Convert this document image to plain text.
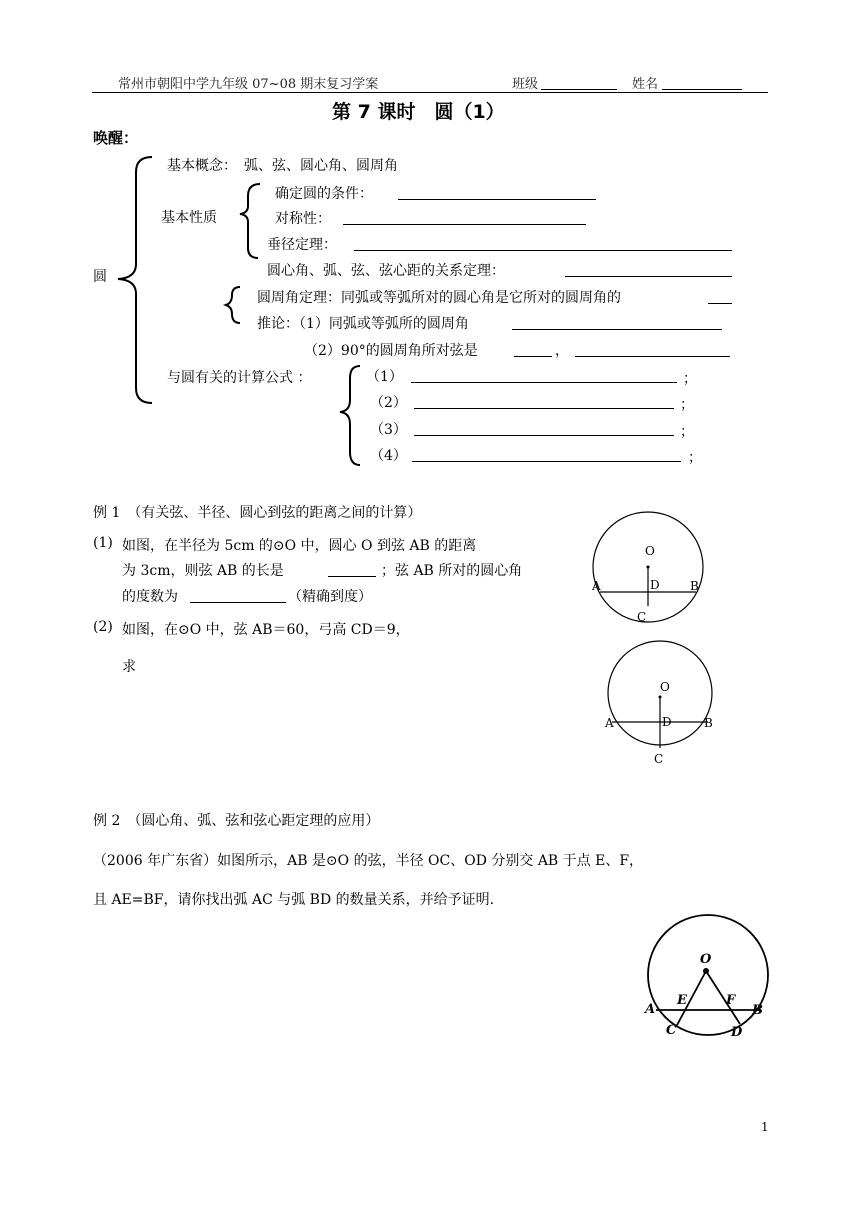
常州市朝阳中学九年级 07~08 期末复习学案	班级	姓名
第 7 课时　圆（1）
唤醒：
圆
基本概念：　弧、弦、圆心角、圆周角
基本性质
确定圆的条件：
对称性：
垂径定理：
圆心角、弧、弦、弦心距的关系定理：
圆周角定理：同弧或等弧所对的圆心角是它所对的圆周角的
推论：（1）同弧或等弧所的圆周角
（2）90°的圆周角所对弦是	，
与圆有关的计算公式 ：	（1）	；
（2）	；
（3）	；
（4）	；
例 1　（有关弦、半径、圆心到弦的距离之间的计算）
(1) 如图，在半径为 5cm 的⊙O 中，圆心 O 到弦 AB 的距离
为 3cm，则弦 AB 的长是	；弦 AB 所对的圆心角
的度数为	（精确到度）
(2) 如图，在⊙O 中，弦 AB＝60，弓高 CD＝9，
求
O
A	D	B
C
O
A	D	B
C
例 2　（圆心角、弧、弦和弦心距定理的应用）
（2006 年广东省）如图所示，AB 是⊙O 的弦，半径 OC、OD 分别交 AB 于点 E、F，
且 AE=BF，请你找出弧 AC 与弧 BD 的数量关系，并给予证明.
O
A
E	F
B
C	D
1
